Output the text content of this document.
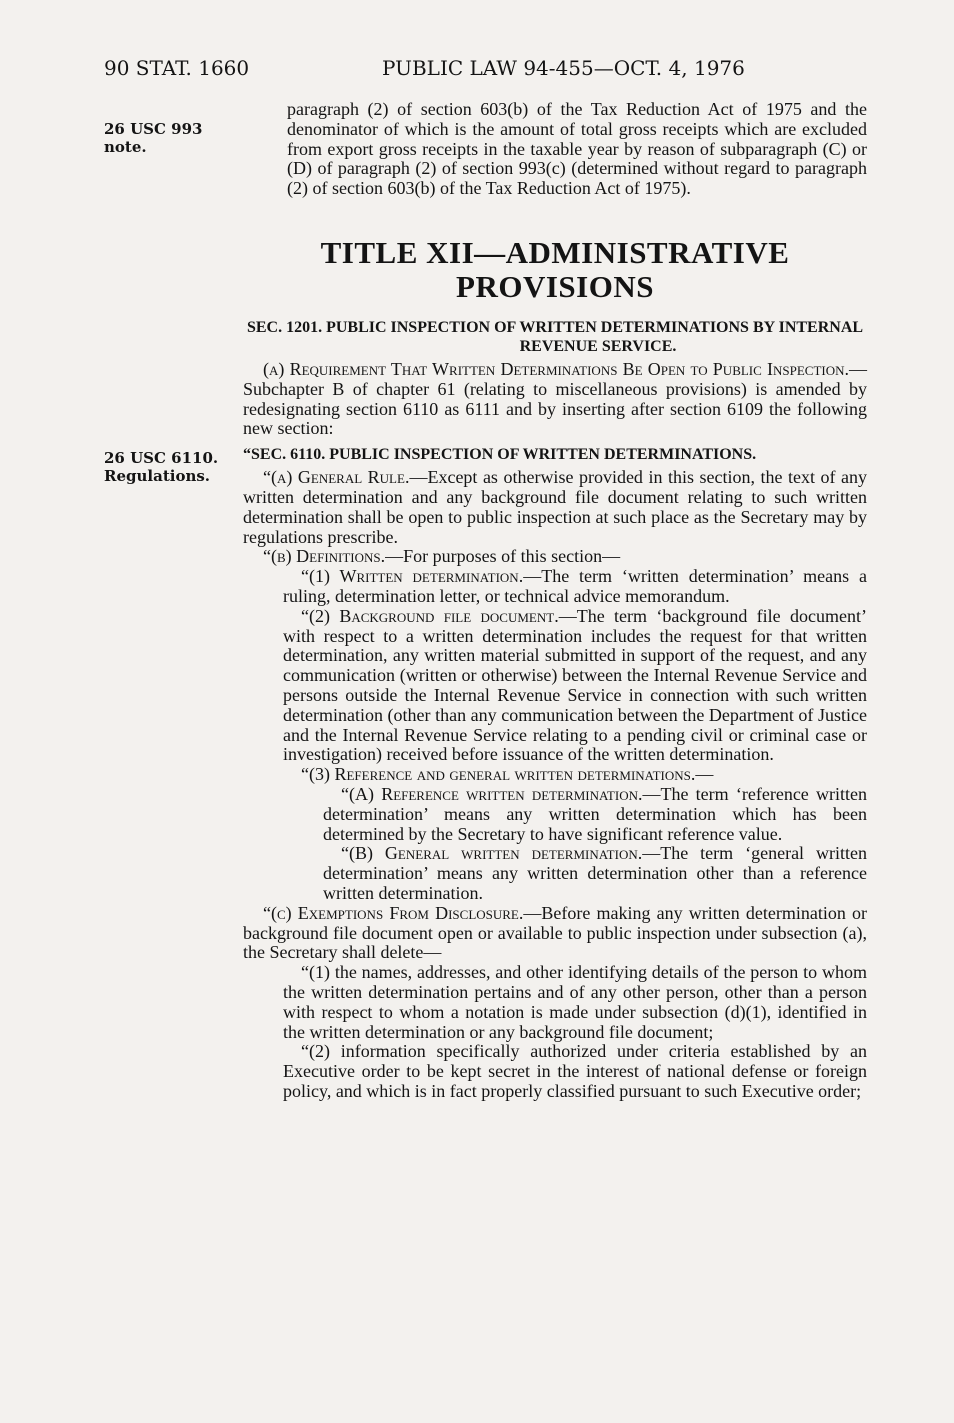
90 STAT. 1660	PUBLIC LAW 94-455—OCT. 4, 1976
26 USC 993
note.
26 USC 6110.
Regulations.

paragraph (2) of section 603(b) of the Tax Reduction Act of 1975 and the denominator of which is the amount of total gross receipts which are excluded from export gross receipts in the taxable year by reason of subparagraph (C) or (D) of paragraph (2) of section 993(c) (determined without regard to paragraph (2) of section 603(b) of the Tax Reduction Act of 1975).

TITLE XII—ADMINISTRATIVE
PROVISIONS

SEC. 1201. PUBLIC INSPECTION OF WRITTEN DETERMINATIONS BY INTERNAL REVENUE SERVICE.

(a) Requirement That Written Determinations Be Open to Public Inspection.—Subchapter B of chapter 61 (relating to miscellaneous provisions) is amended by redesignating section 6110 as 6111 and by inserting after section 6109 the following new section:

“SEC. 6110. PUBLIC INSPECTION OF WRITTEN DETERMINATIONS.

“(a) General Rule.—Except as otherwise provided in this section, the text of any written determination and any background file document relating to such written determination shall be open to public inspection at such place as the Secretary may by regulations prescribe.

“(b) Definitions.—For purposes of this section—

“(1) Written determination.—The term ‘written determination’ means a ruling, determination letter, or technical advice memorandum.

“(2) Background file document.—The term ‘background file document’ with respect to a written determination includes the request for that written determination, any written material submitted in support of the request, and any communication (written or otherwise) between the Internal Revenue Service and persons outside the Internal Revenue Service in connection with such written determination (other than any communication between the Department of Justice and the Internal Revenue Service relating to a pending civil or criminal case or investigation) received before issuance of the written determination.

“(3) Reference and general written determinations.—

“(A) Reference written determination.—The term ‘reference written determination’ means any written determination which has been determined by the Secretary to have significant reference value.

“(B) General written determination.—The term ‘general written determination’ means any written determination other than a reference written determination.

“(c) Exemptions From Disclosure.—Before making any written determination or background file document open or available to public inspection under subsection (a), the Secretary shall delete—

“(1) the names, addresses, and other identifying details of the person to whom the written determination pertains and of any other person, other than a person with respect to whom a notation is made under subsection (d)(1), identified in the written determination or any background file document;

“(2) information specifically authorized under criteria established by an Executive order to be kept secret in the interest of national defense or foreign policy, and which is in fact properly classified pursuant to such Executive order;
